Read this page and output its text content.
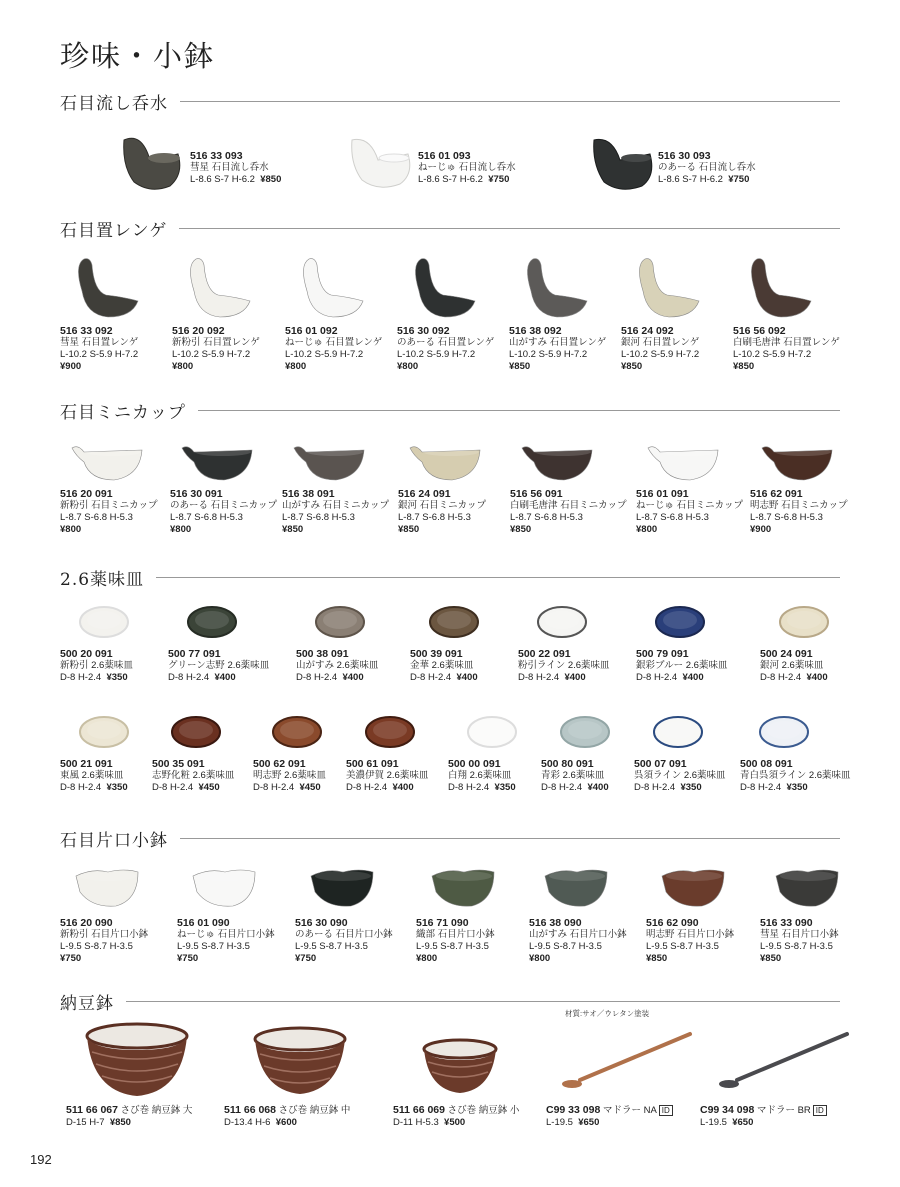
珍味・小鉢
石目流し呑水
石目置レンゲ
石目ミニカップ
2.6薬味皿
石目片口小鉢
納豆鉢
516 33 093
彗星 石目流し呑水
L-8.6 S-7 H-6.2 ¥850
516 01 093
ねーじゅ 石目流し呑水
L-8.6 S-7 H-6.2 ¥750
516 30 093
のあーる 石目流し呑水
L-8.6 S-7 H-6.2 ¥750
材質:サオ／ウレタン塗装
511 66 067 さび巻 納豆鉢 大
D-15 H-7 ¥850
511 66 068 さび巻 納豆鉢 中
D-13.4 H-6 ¥600
511 66 069 さび巻 納豆鉢 小
D-11 H-5.3 ¥500
C99 33 098 マドラー NA ID
L-19.5 ¥650
C99 34 098 マドラー BR ID
L-19.5 ¥650
192
516 33 092
彗星 石目置レンゲ
L-10.2 S-5.9 H-7.2
¥900
516 20 092
新粉引 石目置レンゲ
L-10.2 S-5.9 H-7.2
¥800
516 01 092
ねーじゅ 石目置レンゲ
L-10.2 S-5.9 H-7.2
¥800
516 30 092
のあーる 石目置レンゲ
L-10.2 S-5.9 H-7.2
¥800
516 38 092
山がすみ 石目置レンゲ
L-10.2 S-5.9 H-7.2
¥850
516 24 092
銀河 石目置レンゲ
L-10.2 S-5.9 H-7.2
¥850
516 56 092
白刷毛唐津 石目置レンゲ
L-10.2 S-5.9 H-7.2
¥850
516 20 091
新粉引 石目ミニカップ
L-8.7 S-6.8 H-5.3
¥800
516 30 091
のあーる 石目ミニカップ
L-8.7 S-6.8 H-5.3
¥800
516 38 091
山がすみ 石目ミニカップ
L-8.7 S-6.8 H-5.3
¥850
516 24 091
銀河 石目ミニカップ
L-8.7 S-6.8 H-5.3
¥850
516 56 091
白刷毛唐津 石目ミニカップ
L-8.7 S-6.8 H-5.3
¥850
516 01 091
ねーじゅ 石目ミニカップ
L-8.7 S-6.8 H-5.3
¥800
516 62 091
明志野 石目ミニカップ
L-8.7 S-6.8 H-5.3
¥900
500 20 091
新粉引 2.6薬味皿
D-8 H-2.4 ¥350
500 77 091
グリーン志野 2.6薬味皿
D-8 H-2.4 ¥400
500 38 091
山がすみ 2.6薬味皿
D-8 H-2.4 ¥400
500 39 091
金華 2.6薬味皿
D-8 H-2.4 ¥400
500 22 091
粉引ライン 2.6薬味皿
D-8 H-2.4 ¥400
500 79 091
銀彩ブルー 2.6薬味皿
D-8 H-2.4 ¥400
500 24 091
銀河 2.6薬味皿
D-8 H-2.4 ¥400
500 21 091
東風 2.6薬味皿
D-8 H-2.4 ¥350
500 35 091
志野化粧 2.6薬味皿
D-8 H-2.4 ¥450
500 62 091
明志野 2.6薬味皿
D-8 H-2.4 ¥450
500 61 091
美濃伊賀 2.6薬味皿
D-8 H-2.4 ¥400
500 00 091
白翔 2.6薬味皿
D-8 H-2.4 ¥350
500 80 091
青彩 2.6薬味皿
D-8 H-2.4 ¥400
500 07 091
呉須ライン 2.6薬味皿
D-8 H-2.4 ¥350
500 08 091
青白呉須ライン 2.6薬味皿
D-8 H-2.4 ¥350
516 20 090
新粉引 石目片口小鉢
L-9.5 S-8.7 H-3.5
¥750
516 01 090
ねーじゅ 石目片口小鉢
L-9.5 S-8.7 H-3.5
¥750
516 30 090
のあーる 石目片口小鉢
L-9.5 S-8.7 H-3.5
¥750
516 71 090
織部 石目片口小鉢
L-9.5 S-8.7 H-3.5
¥800
516 38 090
山がすみ 石目片口小鉢
L-9.5 S-8.7 H-3.5
¥800
516 62 090
明志野 石目片口小鉢
L-9.5 S-8.7 H-3.5
¥850
516 33 090
彗星 石目片口小鉢
L-9.5 S-8.7 H-3.5
¥850
